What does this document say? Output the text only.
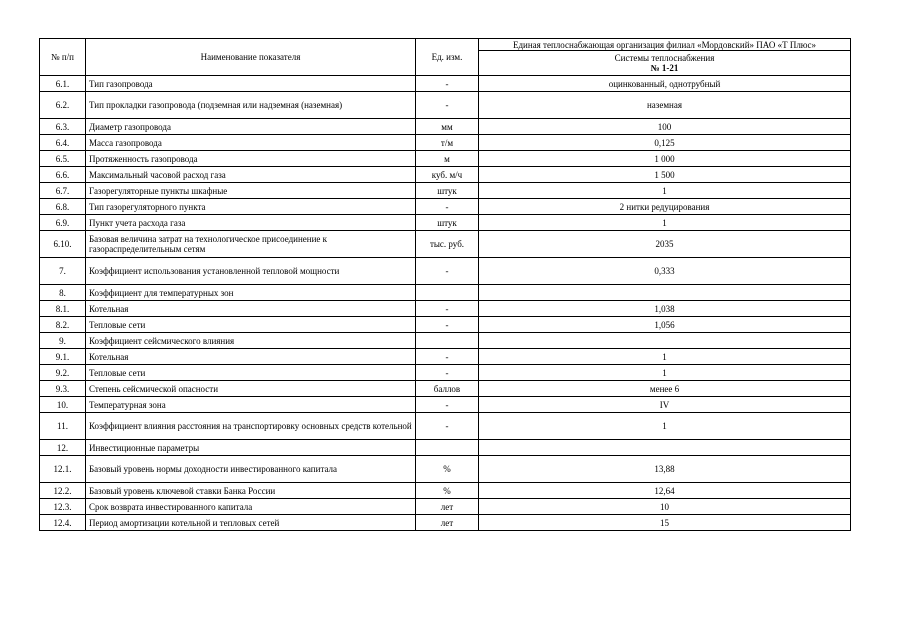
№ п/п	Наименование показателя	Ед. изм.	Единая теплоснабжающая организация филиал «Мордовский» ПАО «Т Плюс»

			Системы теплоснабжения
№ 1-21

6.1.	Тип газопровода	-	оцинкованный, однотрубный
6.2.	Тип прокладки газопровода (подземная или надземная (наземная)	-	наземная
6.3.	Диаметр газопровода	мм	100
6.4.	Масса газопровода	т/м	0,125
6.5.	Протяженность газопровода	м	1 000
6.6.	Максимальный часовой расход газа	куб. м/ч	1 500
6.7.	Газорегуляторные пункты шкафные	штук	1
6.8.	Тип газорегуляторного пункта	-	2 нитки редуцирования
6.9.	Пункт учета расхода газа	штук	1
6.10.	Базовая величина затрат на технологическое присоединение к газораспределительным сетям	тыс. руб.	2035
7.	Коэффициент использования установленной тепловой мощности	-	0,333
8.	Коэффициент для температурных зон		
8.1.	Котельная	-	1,038
8.2.	Тепловые сети	-	1,056
9.	Коэффициент сейсмического влияния		
9.1.	Котельная	-	1
9.2.	Тепловые сети	-	1
9.3.	Степень сейсмической опасности	баллов	менее 6
10.	Температурная зона	-	IV
11.	Коэффициент влияния расстояния на транспортировку основных средств котельной	-	1
12.	Инвестиционные параметры		
12.1.	Базовый уровень нормы доходности инвестированного капитала	%	13,88
12.2.	Базовый уровень ключевой ставки Банка России	%	12,64
12.3.	Срок возврата инвестированного капитала	лет	10
12.4.	Период амортизации котельной и тепловых сетей	лет	15
